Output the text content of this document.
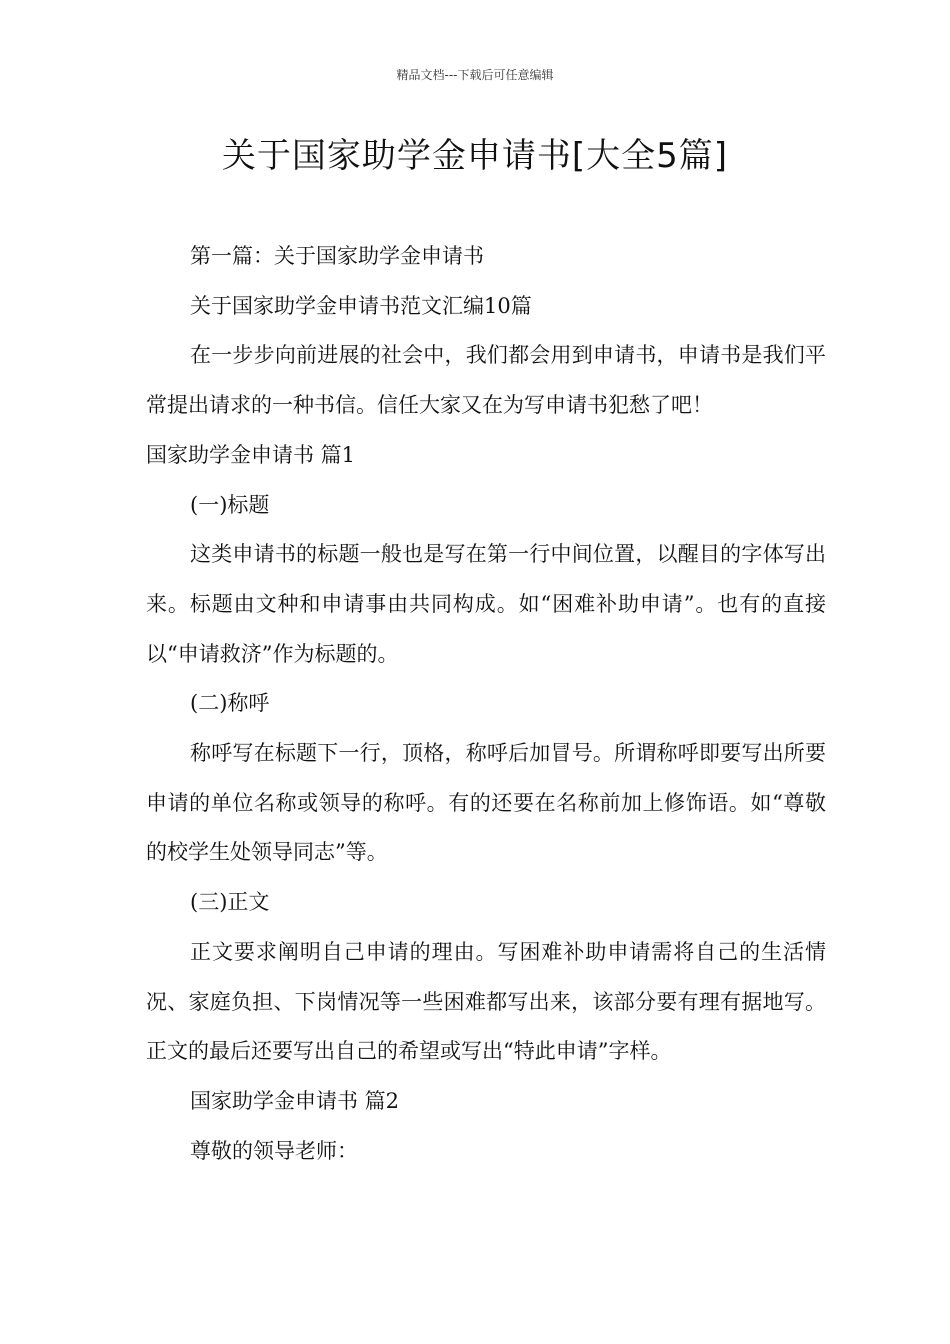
精品文档---下载后可任意编辑
关于国家助学金申请书[大全5篇]

第一篇：关于国家助学金申请书

关于国家助学金申请书范文汇编10篇

在一步步向前进展的社会中，我们都会用到申请书，申请书是我们平常提出请求的一种书信。信任大家又在为写申请书犯愁了吧！

国家助学金申请书 篇1

(一)标题

这类申请书的标题一般也是写在第一行中间位置，以醒目的字体写出来。标题由文种和申请事由共同构成。如“困难补助申请”。也有的直接以“申请救济”作为标题的。

(二)称呼

称呼写在标题下一行，顶格，称呼后加冒号。所谓称呼即要写出所要申请的单位名称或领导的称呼。有的还要在名称前加上修饰语。如“尊敬的校学生处领导同志”等。

(三)正文

正文要求阐明自己申请的理由。写困难补助申请需将自己的生活情况、家庭负担、下岗情况等一些困难都写出来，该部分要有理有据地写。正文的最后还要写出自己的希望或写出“特此申请”字样。

国家助学金申请书 篇2

尊敬的领导老师：
